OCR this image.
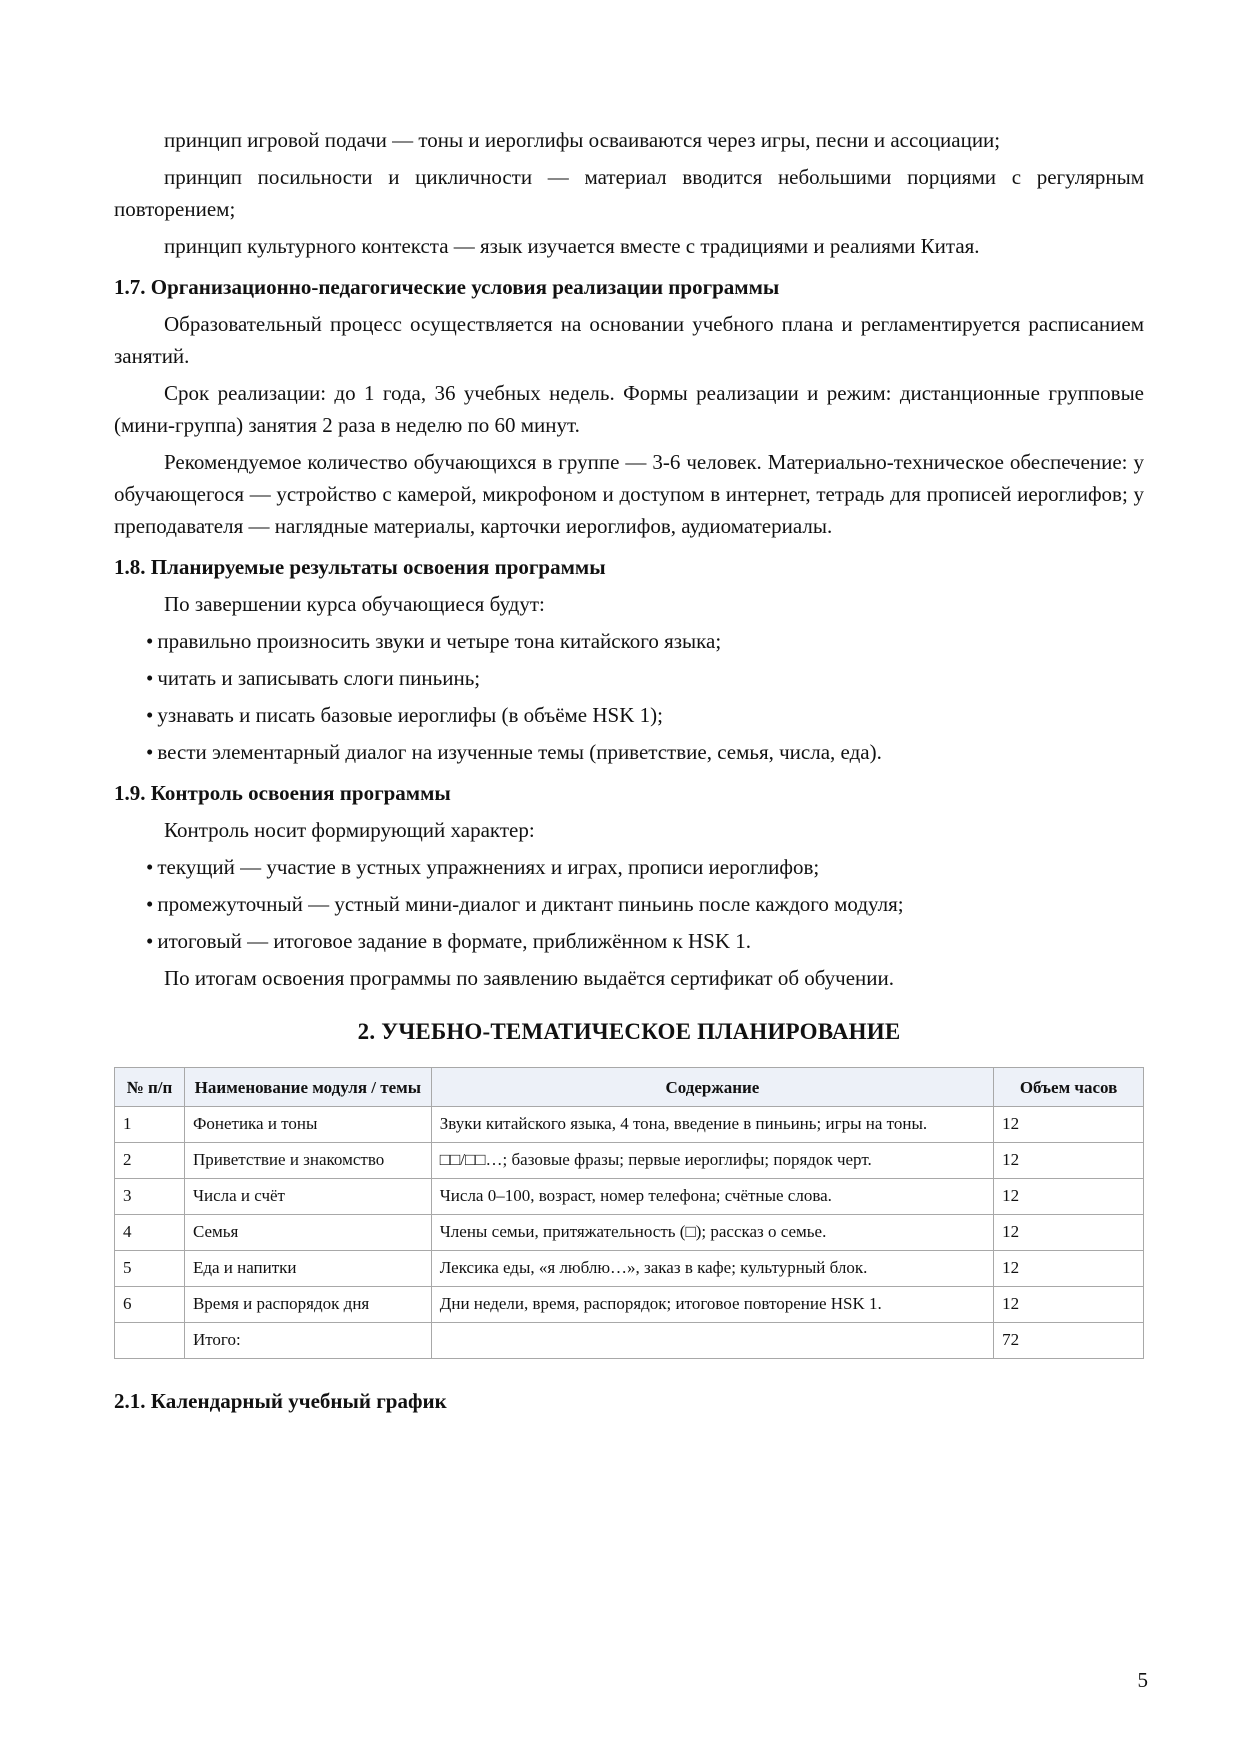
принцип игровой подачи — тоны и иероглифы осваиваются через игры, песни и ассоциации;

принцип посильности и цикличности — материал вводится небольшими порциями с регулярным повторением;

принцип культурного контекста — язык изучается вместе с традициями и реалиями Китая.

1.7. Организационно-педагогические условия реализации программы

Образовательный процесс осуществляется на основании учебного плана и регламентируется расписанием занятий.

Срок реализации: до 1 года, 36 учебных недель. Формы реализации и режим: дистанционные групповые (мини-группа) занятия 2 раза в неделю по 60 минут.

Рекомендуемое количество обучающихся в группе — 3-6 человек. Материально-техническое обеспечение: у обучающегося — устройство с камерой, микрофоном и доступом в интернет, тетрадь для прописей иероглифов; у преподавателя — наглядные материалы, карточки иероглифов, аудиоматериалы.

1.8. Планируемые результаты освоения программы

По завершении курса обучающиеся будут:

• правильно произносить звуки и четыре тона китайского языка;
• читать и записывать слоги пиньинь;
• узнавать и писать базовые иероглифы (в объёме HSK 1);
• вести элементарный диалог на изученные темы (приветствие, семья, числа, еда).
1.9. Контроль освоения программы

Контроль носит формирующий характер:

• текущий — участие в устных упражнениях и играх, прописи иероглифов;
• промежуточный — устный мини-диалог и диктант пиньинь после каждого модуля;
• итоговый — итоговое задание в формате, приближённом к HSK 1.

По итогам освоения программы по заявлению выдаётся сертификат об обучении.

2. УЧЕБНО-ТЕМАТИЧЕСКОЕ ПЛАНИРОВАНИЕ
№ п/п	Наименование модуля / темы	Содержание	Объем часов
1	Фонетика и тоны	Звуки китайского языка, 4 тона, введение в пиньинь; игры на тоны.	12
2	Приветствие и знакомство	□□/□□…; базовые фразы; первые иероглифы; порядок черт.	12
3	Числа и счёт	Числа 0–100, возраст, номер телефона; счётные слова.	12
4	Семья	Члены семьи, притяжательность (□); рассказ о семье.	12
5	Еда и напитки	Лексика еды, «я люблю…», заказ в кафе; культурный блок.	12
6	Время и распорядок дня	Дни недели, время, распорядок; итоговое повторение HSK 1.	12
	Итого:		72
2.1. Календарный учебный график
5
